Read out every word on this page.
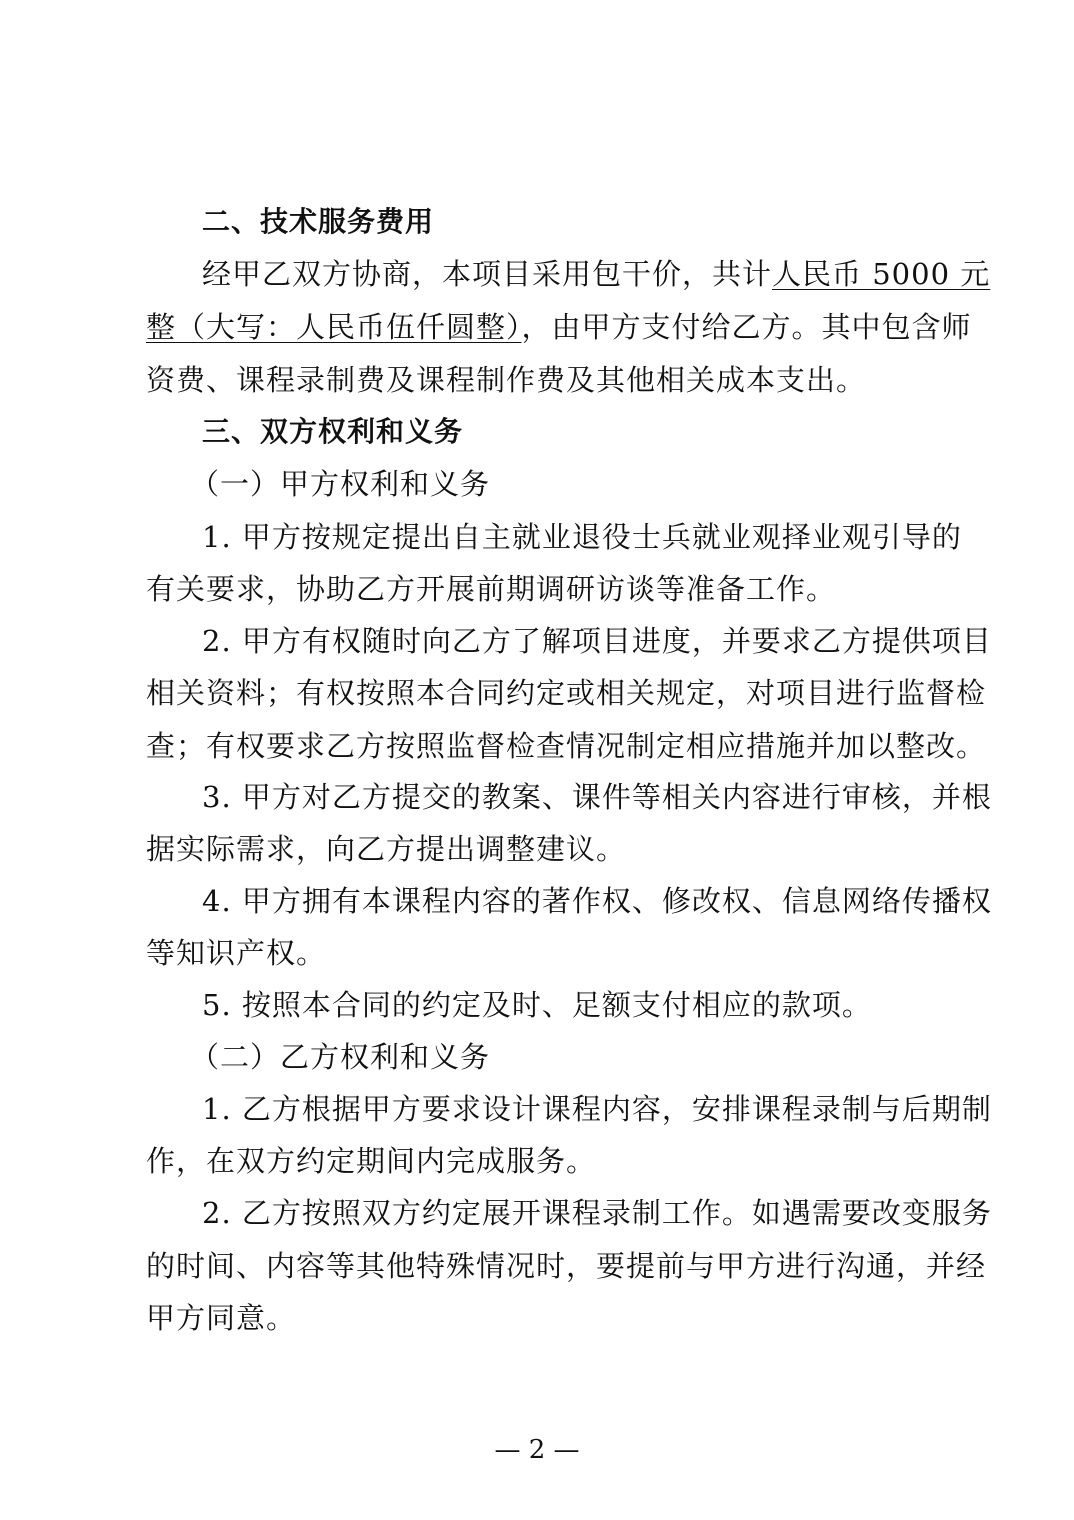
二、技术服务费用
经甲乙双方协商，本项目采用包干价，共计人民币 5000 元
整（大写：人民币伍仟圆整），由甲方支付给乙方。其中包含师
资费、课程录制费及课程制作费及其他相关成本支出。
三、双方权利和义务
（一）甲方权利和义务
1. 甲方按规定提出自主就业退役士兵就业观择业观引导的
有关要求，协助乙方开展前期调研访谈等准备工作。
2. 甲方有权随时向乙方了解项目进度，并要求乙方提供项目
相关资料；有权按照本合同约定或相关规定，对项目进行监督检
查；有权要求乙方按照监督检查情况制定相应措施并加以整改。
3. 甲方对乙方提交的教案、课件等相关内容进行审核，并根
据实际需求，向乙方提出调整建议。
4. 甲方拥有本课程内容的著作权、修改权、信息网络传播权
等知识产权。
5. 按照本合同的约定及时、足额支付相应的款项。
（二）乙方权利和义务
1. 乙方根据甲方要求设计课程内容，安排课程录制与后期制
作，在双方约定期间内完成服务。
2. 乙方按照双方约定展开课程录制工作。如遇需要改变服务
的时间、内容等其他特殊情况时，要提前与甲方进行沟通，并经
甲方同意。
— 2 —
